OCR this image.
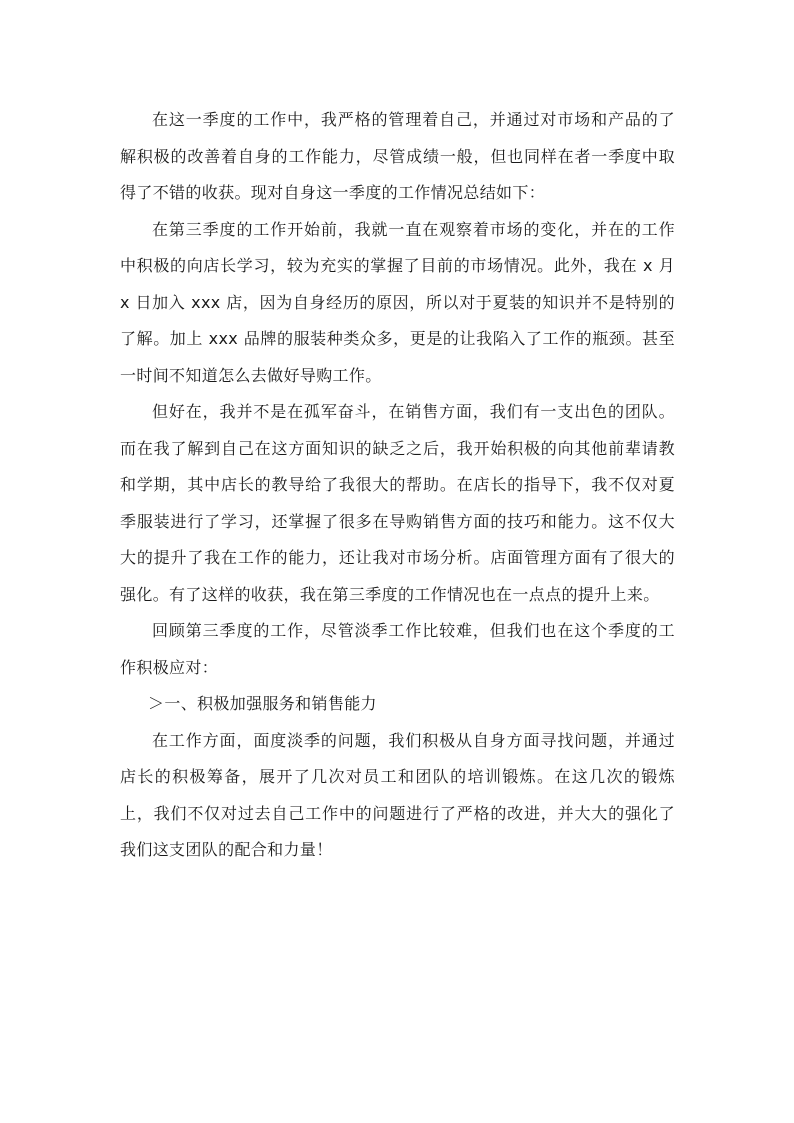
在这一季度的工作中，我严格的管理着自己，并通过对市场和产品的了解积极的改善着自身的工作能力，尽管成绩一般，但也同样在者一季度中取得了不错的收获。现对自身这一季度的工作情况总结如下：

在第三季度的工作开始前，我就一直在观察着市场的变化，并在的工作中积极的向店长学习，较为充实的掌握了目前的市场情况。此外，我在 x 月 x 日加入 xxx 店，因为自身经历的原因，所以对于夏装的知识并不是特别的了解。加上 xxx 品牌的服装种类众多，更是的让我陷入了工作的瓶颈。甚至一时间不知道怎么去做好导购工作。

但好在，我并不是在孤军奋斗，在销售方面，我们有一支出色的团队。而在我了解到自己在这方面知识的缺乏之后，我开始积极的向其他前辈请教和学期，其中店长的教导给了我很大的帮助。在店长的指导下，我不仅对夏季服装进行了学习，还掌握了很多在导购销售方面的技巧和能力。这不仅大大的提升了我在工作的能力，还让我对市场分析。店面管理方面有了很大的强化。有了这样的收获，我在第三季度的工作情况也在一点点的提升上来。

回顾第三季度的工作，尽管淡季工作比较难，但我们也在这个季度的工作积极应对：

＞一、积极加强服务和销售能力

在工作方面，面度淡季的问题，我们积极从自身方面寻找问题，并通过店长的积极筹备，展开了几次对员工和团队的培训锻炼。在这几次的锻炼上，我们不仅对过去自己工作中的问题进行了严格的改进，并大大的强化了我们这支团队的配合和力量！
